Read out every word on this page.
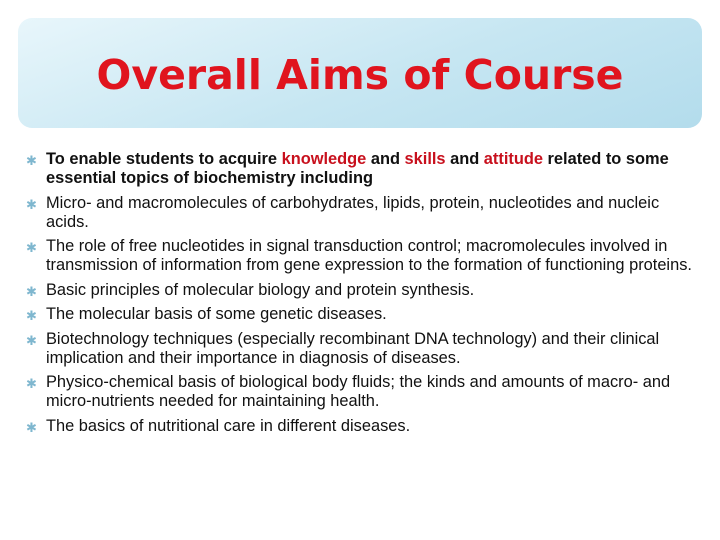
Overall Aims of Course
✱ To enable students to acquire knowledge and skills and attitude related to some essential topics of biochemistry including
✱ Micro- and macromolecules of carbohydrates, lipids, protein, nucleotides and nucleic acids.
✱ The role of free nucleotides in signal transduction control; macromolecules involved in transmission of information from gene expression to the formation of functioning proteins.
✱ Basic principles of molecular biology and protein synthesis.
✱ The molecular basis of some genetic diseases.
✱ Biotechnology techniques (especially recombinant DNA technology) and their clinical implication and their importance in diagnosis of diseases.
✱ Physico-chemical basis of biological body fluids; the kinds and amounts of macro- and micro-nutrients needed for maintaining health.
✱ The basics of nutritional care in different diseases.
